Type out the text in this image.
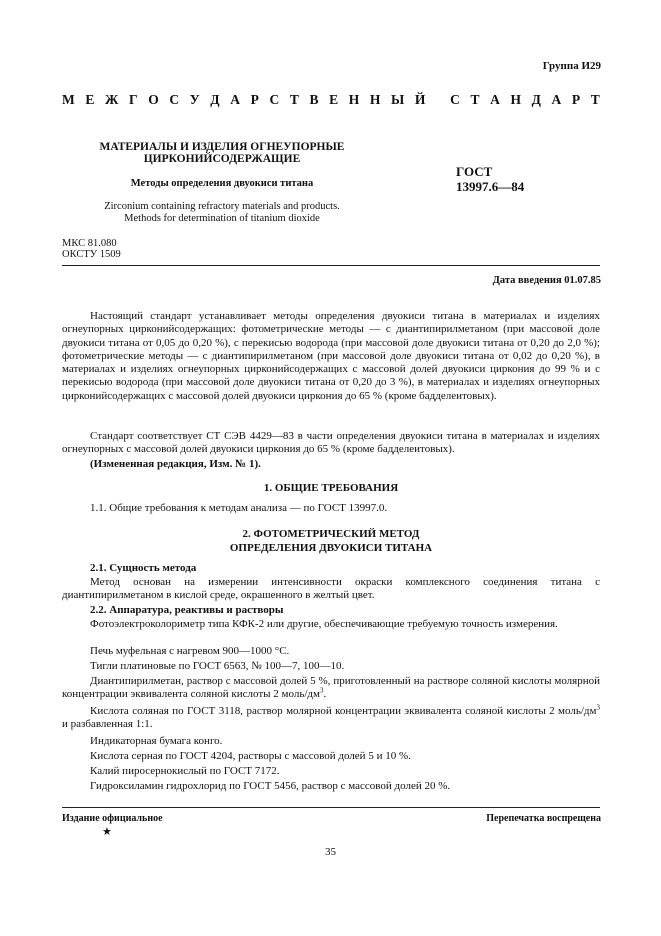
Группа И29
М Е Ж Г О С У Д А Р С Т В Е Н Н Ы Й
С Т А Н Д А Р Т
МАТЕРИАЛЫ И ИЗДЕЛИЯ ОГНЕУПОРНЫЕ
ЦИРКОНИЙСОДЕРЖАЩИЕ
Методы определения двуокиси титана
Zirconium containing refractory materials and products.
Methods for determination of titanium dioxide
ГОСТ
13997.6—84
МКС 81.080
ОКСТУ 1509
Дата введения 01.07.85
Настоящий стандарт устанавливает методы определения двуокиси титана в материалах и изделиях огнеупорных цирконийсодержащих: фотометрические методы — с диантипирилметаном (при массовой доле двуокиси титана от 0,05 до 0,20 %), с перекисью водорода (при массовой доле двуокиси титана от 0,20 до 2,0 %); фотометрические методы — с диантипирилметаном (при массовой доле двуокиси титана от 0,02 до 0,20 %), в материалах и изделиях огнеупорных цирконийсодержащих с массовой долей двуокиси циркония до 99 % и с перекисью водорода (при массовой доле двуокиси титана от 0,20 до 3 %), в материалах и изделиях огнеупорных цирконийсодержащих с массовой долей двуокиси циркония до 65 % (кроме бадделеитовых).
Стандарт соответствует СТ СЭВ 4429—83 в части определения двуокиси титана в материалах и изделиях огнеупорных с массовой долей двуокиси циркония до 65 % (кроме бадделеитовых).
(Измененная редакция, Изм. № 1).
1. ОБЩИЕ ТРЕБОВАНИЯ
1.1. Общие требования к методам анализа — по ГОСТ 13997.0.
2. ФОТОМЕТРИЧЕСКИЙ МЕТОД
ОПРЕДЕЛЕНИЯ ДВУОКИСИ ТИТАНА
2.1. Сущность метода
Метод основан на измерении интенсивности окраски комплексного соединения титана с диантипирилметаном в кислой среде, окрашенного в желтый цвет.
2.2. Аппаратура, реактивы и растворы
Фотоэлектроколориметр типа КФК-2 или другие, обеспечивающие требуемую точность измерения.
Печь муфельная с нагревом 900—1000 °С.
Тигли платиновые по ГОСТ 6563, № 100—7, 100—10.
Диантипирилметан, раствор с массовой долей 5 %, приготовленный на растворе соляной кислоты молярной концентрации эквивалента соляной кислоты 2 моль/$дм^3$.
Кислота соляная по ГОСТ 3118, раствор молярной концентрации эквивалента соляной кислоты 2 моль/$дм^3$ и разбавленная 1:1.
Индикаторная бумага конго.
Кислота серная по ГОСТ 4204, растворы с массовой долей 5 и 10 %.
Калий пиросернокислый по ГОСТ 7172.
Гидроксиламин гидрохлорид по ГОСТ 5456, раствор с массовой долей 20 %.
Издание официальное	Перепечатка воспрещена
★
35
